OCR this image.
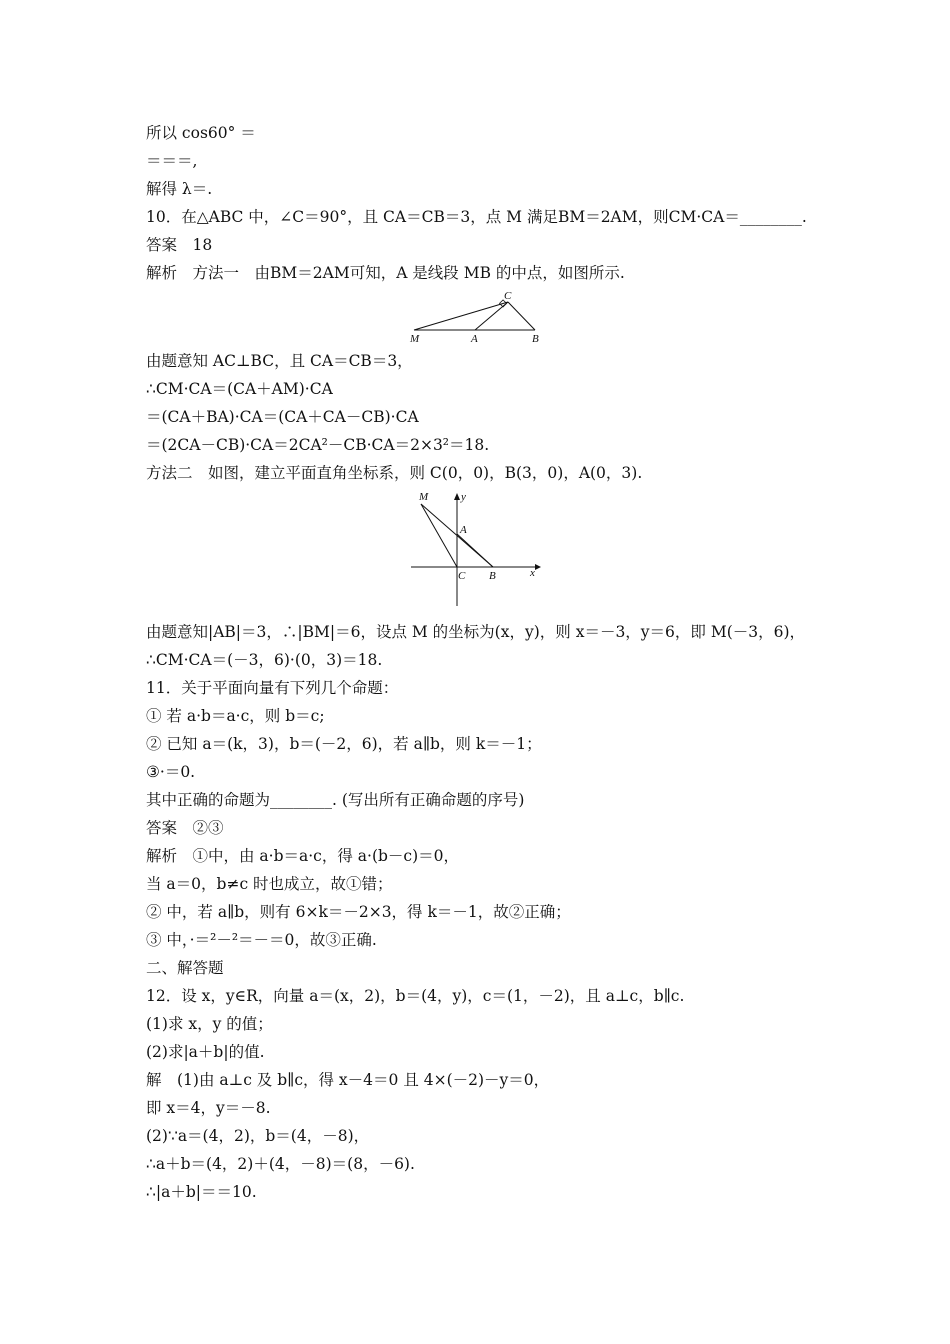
所以 cos60° ＝
＝＝＝,
解得 λ＝.
10．在△ABC 中，∠C＝90°，且 CA＝CB＝3，点 M 满足BM＝2AM，则CM·CA＝________.
答案　18
解析　方法一　由BM＝2AM可知，A 是线段 MB 的中点，如图所示.
C
M	A	B
由题意知 AC⊥BC，且 CA＝CB＝3，
∴CM·CA＝(CA＋AM)·CA
＝(CA＋BA)·CA＝(CA＋CA－CB)·CA
＝(2CA－CB)·CA＝2CA²－CB·CA＝2×3²＝18.
方法二　如图，建立平面直角坐标系，则 C(0，0)，B(3，0)，A(0，3).
M	y
A
C B	x
由题意知|AB|＝3，∴|BM|＝6，设点 M 的坐标为(x，y)，则 x＝－3，y＝6，即 M(－3，6)，
∴CM·CA＝(－3，6)·(0，3)＝18.
11．关于平面向量有下列几个命题：
① 若 a·b＝a·c，则 b＝c;
② 已知 a＝(k，3)，b＝(－2，6)，若 a∥b，则 k＝－1；
③·＝0.
其中正确的命题为________. (写出所有正确命题的序号)
答案　②③
解析　①中，由 a·b＝a·c，得 a·(b－c)＝0，
当 a＝0，b≠c 时也成立，故①错；
② 中，若 a∥b，则有 6×k＝－2×3，得 k＝－1，故②正确；
③ 中，·＝²－²＝－＝0，故③正确.
二、解答题
12．设 x，y∈R，向量 a＝(x，2)，b＝(4，y)，c＝(1，－2)，且 a⊥c，b∥c.
(1)求 x，y 的值；
(2)求|a＋b|的值.
解　(1)由 a⊥c 及 b∥c，得 x－4＝0 且 4×(－2)－y＝0，
即 x＝4，y＝－8.
(2)∵a＝(4，2)，b＝(4，－8)，
∴a＋b＝(4，2)＋(4，－8)＝(8，－6).
∴|a＋b|＝＝10.
